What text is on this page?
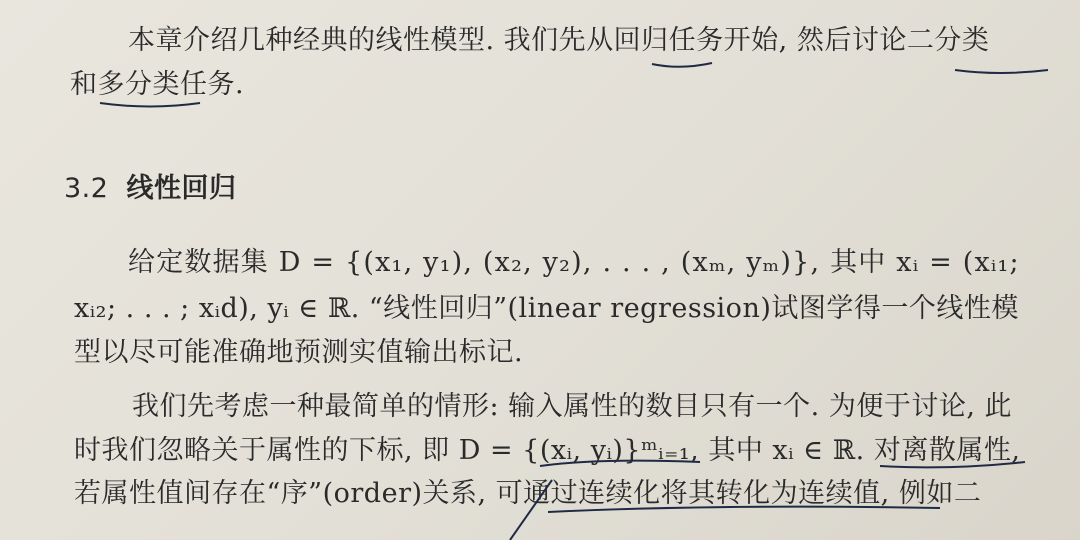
本章介绍几种经典的线性模型. 我们先从回归任务开始, 然后讨论二分类
和多分类任务.
3.2 线性回归
给定数据集 D = {(x₁, y₁), (x₂, y₂), . . . , (xₘ, yₘ)}, 其中 xᵢ = (xᵢ₁;
xᵢ₂; . . . ; xᵢd), yᵢ ∈ ℝ. “线性回归”(linear regression)试图学得一个线性模
型以尽可能准确地预测实值输出标记.
我们先考虑一种最简单的情形: 输入属性的数目只有一个. 为便于讨论, 此
时我们忽略关于属性的下标, 即 D = {(xᵢ, yᵢ)}ᵐᵢ₌₁, 其中 xᵢ ∈ ℝ. 对离散属性,
若属性值间存在“序”(order)关系, 可通过连续化将其转化为连续值, 例如二
